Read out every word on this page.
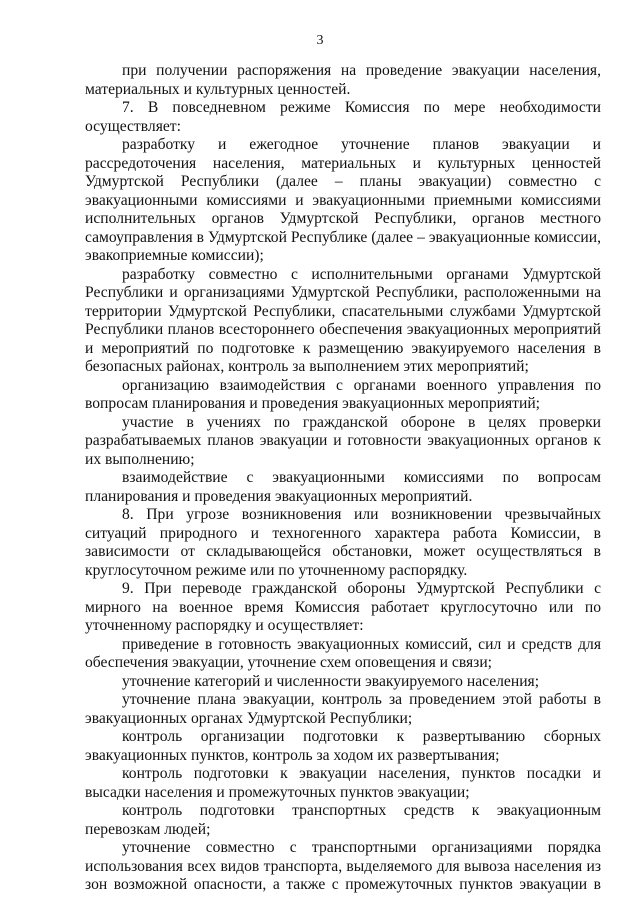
3

при получении распоряжения на проведение эвакуации населения, материальных и культурных ценностей.

7. В повседневном режиме Комиссия по мере необходимости осуществляет:

разработку и ежегодное уточнение планов эвакуации и рассредоточения населения, материальных и культурных ценностей Удмуртской Республики (далее – планы эвакуации) совместно с эвакуационными комиссиями и эвакуационными приемными комиссиями исполнительных органов Удмуртской Республики, органов местного самоуправления в Удмуртской Республике (далее – эвакуационные комиссии, эвакоприемные комиссии);

разработку совместно с исполнительными органами Удмуртской Республики и организациями Удмуртской Республики, расположенными на территории Удмуртской Республики, спасательными службами Удмуртской Республики планов всестороннего обеспечения эвакуационных мероприятий и мероприятий по подготовке к размещению эвакуируемого населения в безопасных районах, контроль за выполнением этих мероприятий;

организацию взаимодействия с органами военного управления по вопросам планирования и проведения эвакуационных мероприятий;

участие в учениях по гражданской обороне в целях проверки разрабатываемых планов эвакуации и готовности эвакуационных органов к их выполнению;

взаимодействие с эвакуационными комиссиями по вопросам планирования и проведения эвакуационных мероприятий.

8. При угрозе возникновения или возникновении чрезвычайных ситуаций природного и техногенного характера работа Комиссии, в зависимости от складывающейся обстановки, может осуществляться в круглосуточном режиме или по уточненному распорядку.

9. При переводе гражданской обороны Удмуртской Республики с мирного на военное время Комиссия работает круглосуточно или по уточненному распорядку и осуществляет:

приведение в готовность эвакуационных комиссий, сил и средств для обеспечения эвакуации, уточнение схем оповещения и связи;

уточнение категорий и численности эвакуируемого населения;

уточнение плана эвакуации, контроль за проведением этой работы в эвакуационных органах Удмуртской Республики;

контроль организации подготовки к развертыванию сборных эвакуационных пунктов, контроль за ходом их развертывания;

контроль подготовки к эвакуации населения, пунктов посадки и высадки населения и промежуточных пунктов эвакуации;

контроль подготовки транспортных средств к эвакуационным перевозкам людей;

уточнение совместно с транспортными организациями порядка использования всех видов транспорта, выделяемого для вывоза населения из зон возможной опасности, а также с промежуточных пунктов эвакуации в
